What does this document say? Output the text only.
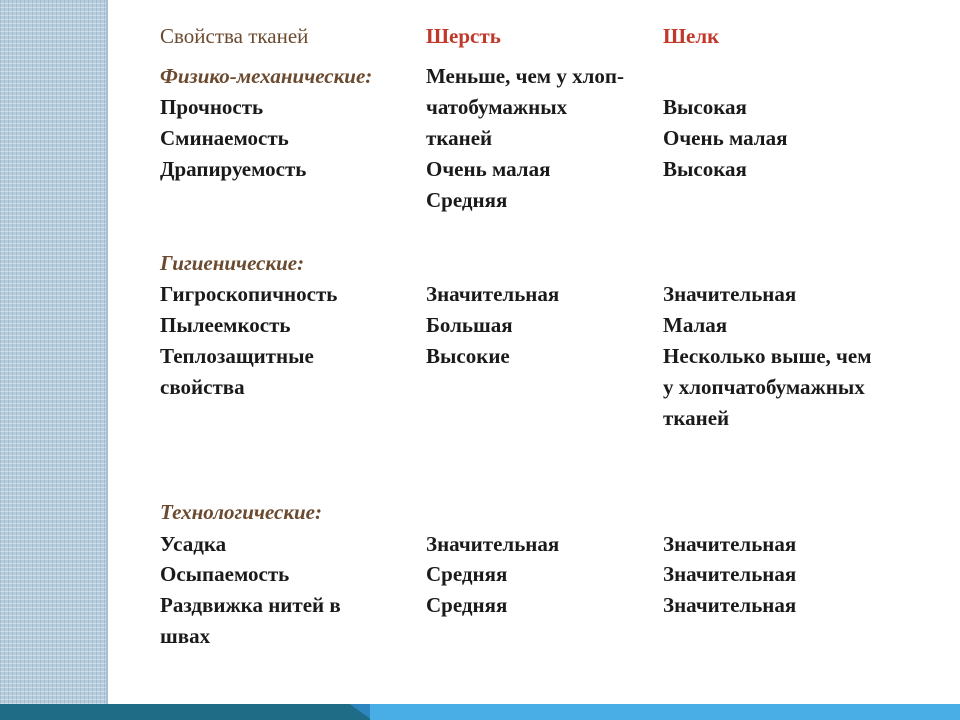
Свойства тканей	Шерсть	Шелк

Физико-механические:

Прочность

Сминаемость

Драпируемость

Меньше, чем у хлоп-

чатобумажных

тканей

Очень малая

Средняя

Высокая

Очень малая

Высокая

Гигиенические:

Гигроскопичность

Пылеемкость

Теплозащитные

свойства

Значительная

Большая

Высокие

Значительная

Малая

Несколько выше, чем

у хлопчатобумажных

тканей

Технологические:

Усадка

Осыпаемость

Раздвижка нитей в

швах

Значительная

Средняя

Средняя

Значительная

Значительная

Значительная
